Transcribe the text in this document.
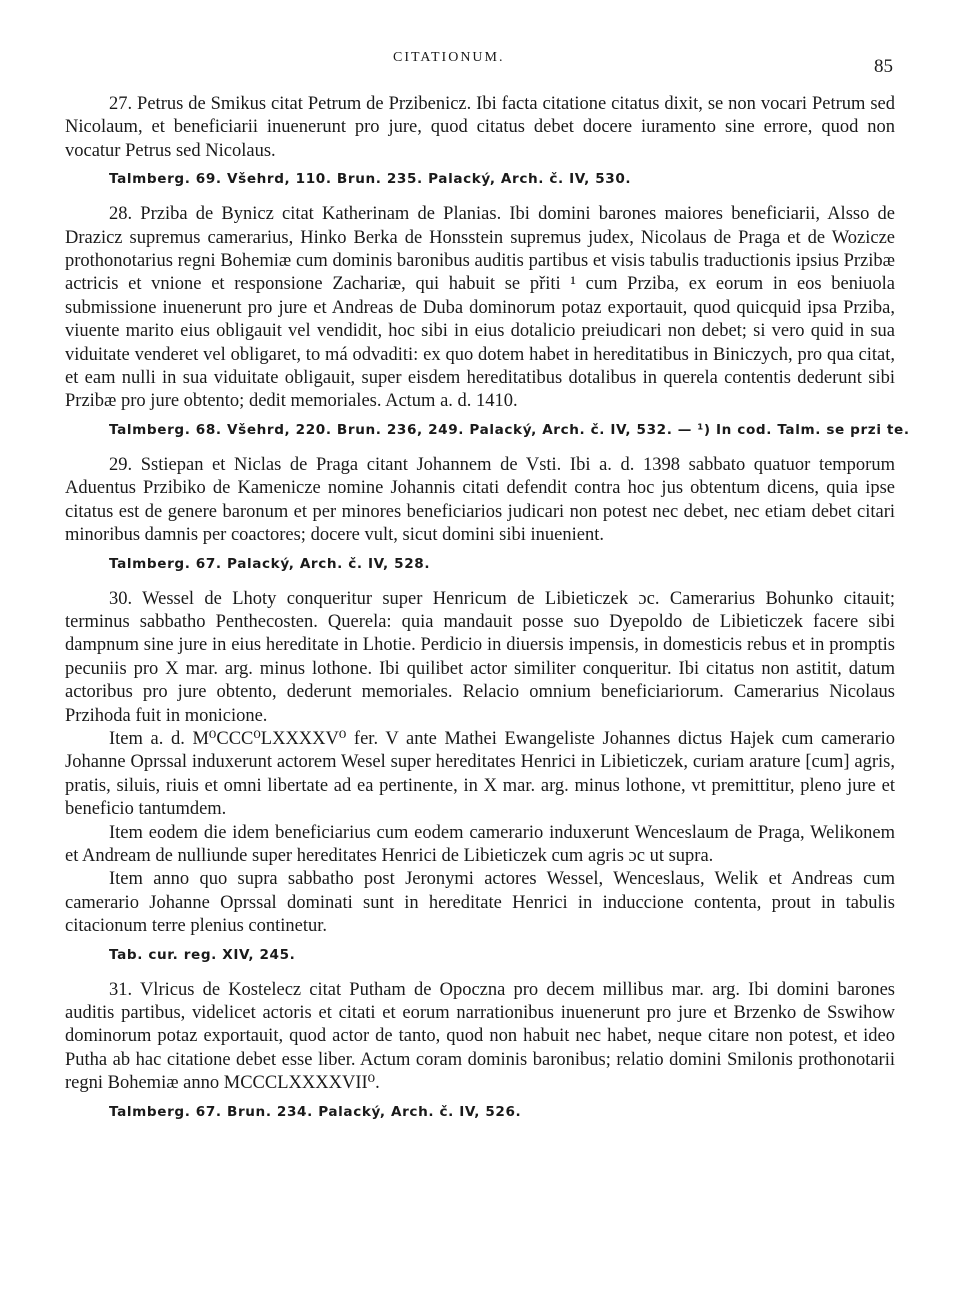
CITATIONUM.	85

27. Petrus de Smikus citat Petrum de Przibenicz. Ibi facta citatione citatus dixit, se non vocari Petrum sed Nicolaum, et beneficiarii inuenerunt pro jure, quod citatus debet docere iuramento sine errore, quod non vocatur Petrus sed Nicolaus.

Talmberg. 69. Všehrd, 110. Brun. 235. Palacký, Arch. č. IV, 530.

28. Prziba de Bynicz citat Katherinam de Planias. Ibi domini barones maiores beneficiarii, Alsso de Drazicz supremus camerarius, Hinko Berka de Honsstein supremus judex, Nicolaus de Praga et de Wozicze prothonotarius regni Bohemiæ cum dominis baronibus auditis partibus et visis tabulis traductionis ipsius Przibæ actricis et vnione et responsione Zachariæ, qui habuit se přiti ¹ cum Prziba, ex eorum in eos beniuola submissione inuenerunt pro jure et Andreas de Duba dominorum potaz exportauit, quod quicquid ipsa Prziba, viuente marito eius obligauit vel vendidit, hoc sibi in eius dotalicio preiudicari non debet; si vero quid in sua viduitate venderet vel obligaret, to má odvaditi: ex quo dotem habet in hereditatibus in Biniczych, pro qua citat, et eam nulli in sua viduitate obligauit, super eisdem hereditatibus dotalibus in querela contentis dederunt sibi Przibæ pro jure obtento; dedit memoriales. Actum a. d. 1410.

Talmberg. 68. Všehrd, 220. Brun. 236, 249. Palacký, Arch. č. IV, 532. — ¹) In cod. Talm. se przi te.

29. Sstiepan et Niclas de Praga citant Johannem de Vsti. Ibi a. d. 1398 sabbato quatuor temporum Aduentus Przibiko de Kamenicze nomine Johannis citati defendit contra hoc jus obtentum dicens, quia ipse citatus est de genere baronum et per minores beneficiarios judicari non potest nec debet, nec etiam debet citari minoribus damnis per coactores; docere vult, sicut domini sibi inuenient.

Talmberg. 67. Palacký, Arch. č. IV, 528.

30. Wessel de Lhoty conqueritur super Henricum de Libieticzek ɔc. Camerarius Bohunko citauit; terminus sabbatho Penthecosten. Querela: quia mandauit posse suo Dyepoldo de Libieticzek facere sibi dampnum sine jure in eius hereditate in Lhotie. Perdicio in diuersis impensis, in domesticis rebus et in promptis pecuniis pro X mar. arg. minus lothone. Ibi quilibet actor similiter conqueritur. Ibi citatus non astitit, datum actoribus pro jure obtento, dederunt memoriales. Relacio omnium beneficiariorum. Camerarius Nicolaus Przihoda fuit in monicione.

Item a. d. M⁰CCC⁰LXXXXV⁰ fer. V ante Mathei Ewangeliste Johannes dictus Hajek cum camerario Johanne Oprssal induxerunt actorem Wesel super hereditates Henrici in Libieticzek, curiam arature [cum] agris, pratis, siluis, riuis et omni libertate ad ea pertinente, in X mar. arg. minus lothone, vt premittitur, pleno jure et beneficio tantumdem.

Item eodem die idem beneficiarius cum eodem camerario induxerunt Wenceslaum de Praga, Welikonem et Andream de nulliunde super hereditates Henrici de Libieticzek cum agris ɔc ut supra.

Item anno quo supra sabbatho post Jeronymi actores Wessel, Wenceslaus, Welik et Andreas cum camerario Johanne Oprssal dominati sunt in hereditate Henrici in induccione contenta, prout in tabulis citacionum terre plenius continetur.

Tab. cur. reg. XIV, 245.

31. Vlricus de Kostelecz citat Putham de Opoczna pro decem millibus mar. arg. Ibi domini barones auditis partibus, videlicet actoris et citati et eorum narrationibus inuenerunt pro jure et Brzenko de Sswihow dominorum potaz exportauit, quod actor de tanto, quod non habuit nec habet, neque citare non potest, et ideo Putha ab hac citatione debet esse liber. Actum coram dominis baronibus; relatio domini Smilonis prothonotarii regni Bohemiæ anno MCCCLXXXXVII⁰.

Talmberg. 67. Brun. 234. Palacký, Arch. č. IV, 526.
